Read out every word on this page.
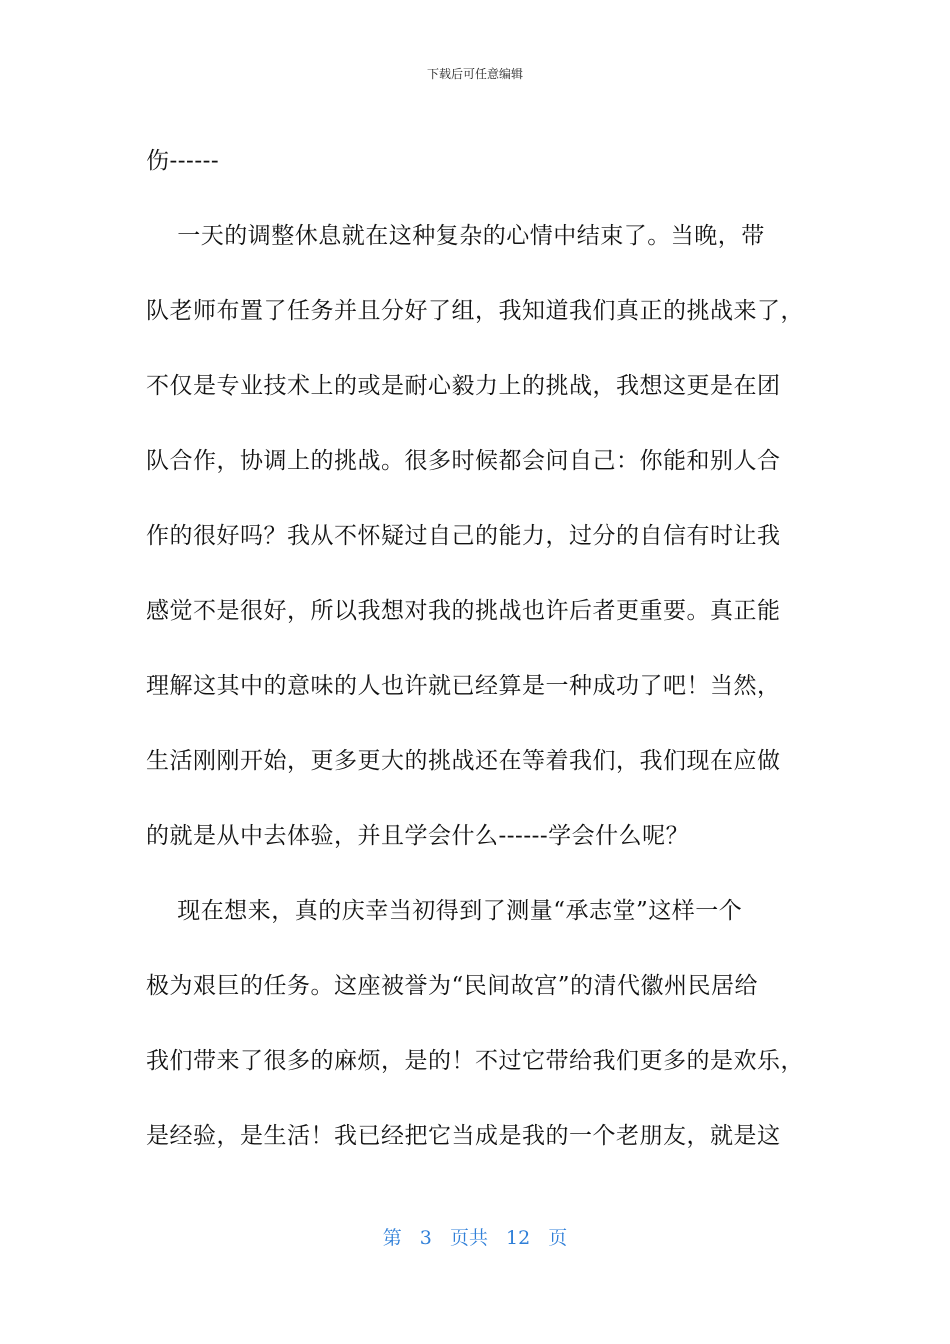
下载后可任意编辑
伤------
一天的调整休息就在这种复杂的心情中结束了。当晚，带
队老师布置了任务并且分好了组，我知道我们真正的挑战来了，
不仅是专业技术上的或是耐心毅力上的挑战，我想这更是在团
队合作，协调上的挑战。很多时候都会问自己：你能和别人合
作的很好吗？我从不怀疑过自己的能力，过分的自信有时让我
感觉不是很好，所以我想对我的挑战也许后者更重要。真正能
理解这其中的意味的人也许就已经算是一种成功了吧！当然，
生活刚刚开始，更多更大的挑战还在等着我们，我们现在应做
的就是从中去体验，并且学会什么------学会什么呢？
现在想来，真的庆幸当初得到了测量“承志堂”这样一个
极为艰巨的任务。这座被誉为“民间故宫”的清代徽州民居给
我们带来了很多的麻烦，是的！不过它带给我们更多的是欢乐，
是经验，是生活！我已经把它当成是我的一个老朋友，就是这
第 3 页共 12 页
